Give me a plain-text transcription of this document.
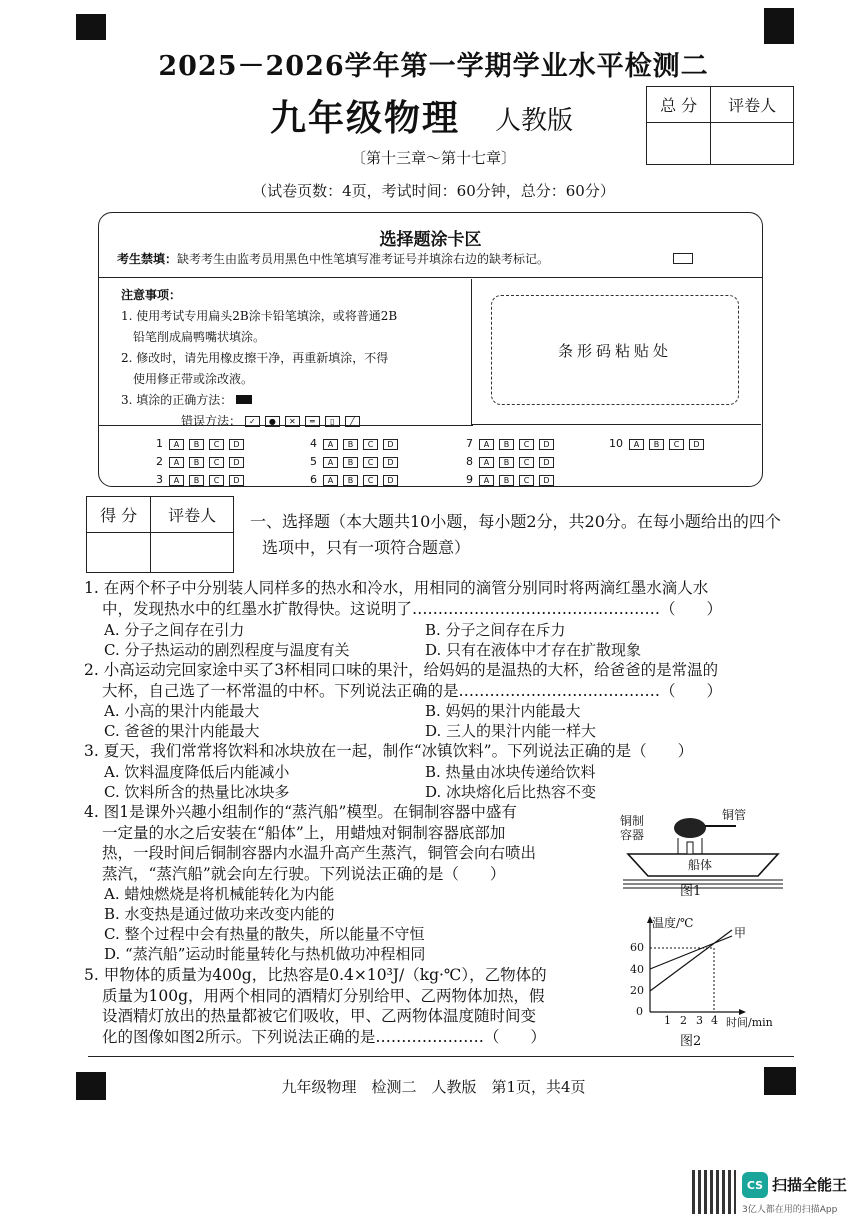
2025－2026学年第一学期学业水平检测二
九年级物理 人教版
〔第十三章～第十七章〕
（试卷页数：4页，考试时间：60分钟，总分：60分）
总 分	评卷人

选择题涂卡区
考生禁填：缺考考生由监考员用黑色中性笔填写准考证号并填涂右边的缺考标记。
注意事项：
1. 使用考试专用扁头2B涂卡铅笔填涂，或将普通2B
铅笔削成扁鸭嘴状填涂。
2. 修改时，请先用橡皮擦干净，再重新填涂，不得
使用修正带或涂改液。
3. 填涂的正确方法：
错误方法： ✓ ● ✕ ═ ▯ ╱
条形码粘贴处
1 A B C D
2 A B C D
3 A B C D
4 A B C D
5 A B C D
6 A B C D
7 A B C D
8 A B C D
9 A B C D
10 A B C D
得 分	评卷人
	一、选择题（本大题共10小题，每小题2分，共20分。在每小题给出的四个
选项中，只有一项符合题意）
1. 在两个杯子中分别装人同样多的热水和冷水，用相同的滴管分别同时将两滴红墨水滴人水
中，发现热水中的红墨水扩散得快。这说明了…………………………………………（　　）
A. 分子之间存在引力	B. 分子之间存在斥力
C. 分子热运动的剧烈程度与温度有关	D. 只有在液体中才存在扩散现象
2. 小高运动完回家途中买了3杯相同口味的果汁，给妈妈的是温热的大杯，给爸爸的是常温的
大杯，自己选了一杯常温的中杯。下列说法正确的是…………………………………（　　）
A. 小高的果汁内能最大	B. 妈妈的果汁内能最大
C. 爸爸的果汁内能最大	D. 三人的果汁内能一样大
3. 夏天，我们常常将饮料和冰块放在一起，制作“冰镇饮料”。下列说法正确的是（　　）
A. 饮料温度降低后内能减小	B. 热量由冰块传递给饮料
C. 饮料所含的热量比冰块多	D. 冰块熔化后比热容不变
4. 图1是课外兴趣小组制作的“蒸汽船”模型。在铜制容器中盛有
一定量的水之后安装在“船体”上，用蜡烛对铜制容器底部加
热，一段时间后铜制容器内水温升高产生蒸汽，铜管会向右喷出
蒸汽，“蒸汽船”就会向左行驶。下列说法正确的是（　　）
A. 蜡烛燃烧是将机械能转化为内能
B. 水变热是通过做功来改变内能的
C. 整个过程中会有热量的散失，所以能量不守恒
D. “蒸汽船”运动时能量转化与热机做功冲程相同
5. 甲物体的质量为400g，比热容是0.4×10³J/（kg·℃），乙物体的
质量为100g，用两个相同的酒精灯分别给甲、乙两物体加热，假
设酒精灯放出的热量都被它们吸收，甲、乙两物体温度随时间变
化的图像如图2所示。下列说法正确的是…………………（　　）
铜制
容器
铜管
船体
图1
温度/℃
甲
60
40
20
0
1 2 3 4 时间/min
图2
九年级物理　检测二　人教版　第1页，共4页
CS 扫描全能王
3亿人都在用的扫描App
